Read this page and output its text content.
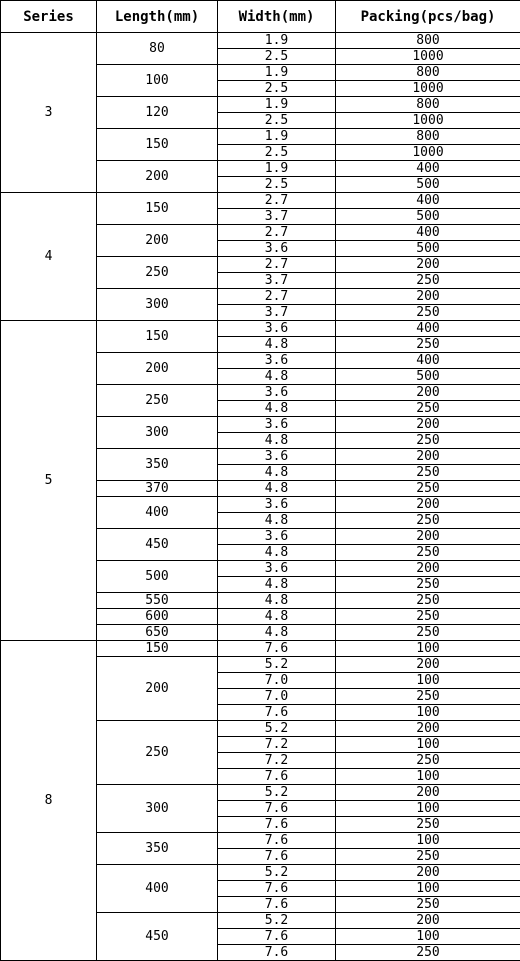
Series	Length(mm)	Width(mm)	Packing(pcs/bag)
3	80	1.9	800
		2.5	1000
	100	1.9	800
		2.5	1000
	120	1.9	800
		2.5	1000
	150	1.9	800
		2.5	1000
	200	1.9	400
		2.5	500
4	150	2.7	400
		3.7	500
	200	2.7	400
		3.6	500
	250	2.7	200
		3.7	250
	300	2.7	200
		3.7	250
5	150	3.6	400
		4.8	250
	200	3.6	400
		4.8	500
	250	3.6	200
		4.8	250
	300	3.6	200
		4.8	250
	350	3.6	200
		4.8	250
	370	4.8	250
	400	3.6	200
		4.8	250
	450	3.6	200
		4.8	250
	500	3.6	200
		4.8	250
	550	4.8	250
	600	4.8	250
	650	4.8	250
8	150	7.6	100
	200	5.2	200
		7.0	100
		7.0	250
		7.6	100
	250	5.2	200
		7.2	100
		7.2	250
		7.6	100
	300	5.2	200
		7.6	100
		7.6	250
	350	7.6	100
		7.6	250
	400	5.2	200
		7.6	100
		7.6	250
	450	5.2	200
		7.6	100
		7.6	250
